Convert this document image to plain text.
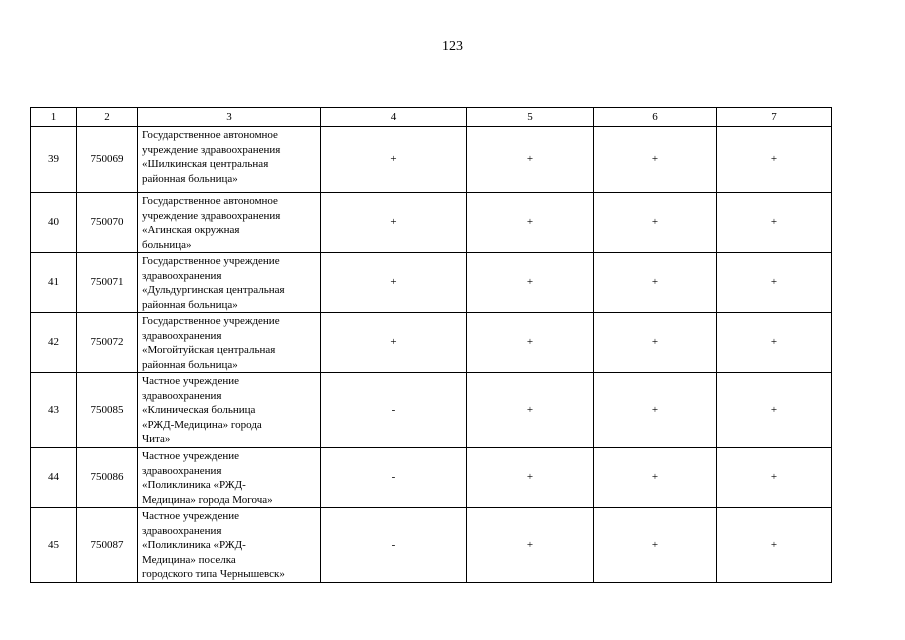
123
1	2	3	4	5	6	7
39	750069	Государственное автономное
учреждение здравоохранения
«Шилкинская центральная
районная больница»	+	+	+	+
40	750070	Государственное автономное
учреждение здравоохранения
«Агинская окружная
больница»	+	+	+	+
41	750071	Государственное учреждение
здравоохранения
«Дульдургинская центральная
районная больница»	+	+	+	+
42	750072	Государственное учреждение
здравоохранения
«Могойтуйская центральная
районная больница»	+	+	+	+
43	750085	Частное учреждение
здравоохранения
«Клиническая больница
«РЖД-Медицина» города
Чита»	-	+	+	+
44	750086	Частное учреждение
здравоохранения
«Поликлиника «РЖД-
Медицина» города Могоча»	-	+	+	+
45	750087	Частное учреждение
здравоохранения
«Поликлиника «РЖД-
Медицина» поселка
городского типа Чернышевск»	-	+	+	+
